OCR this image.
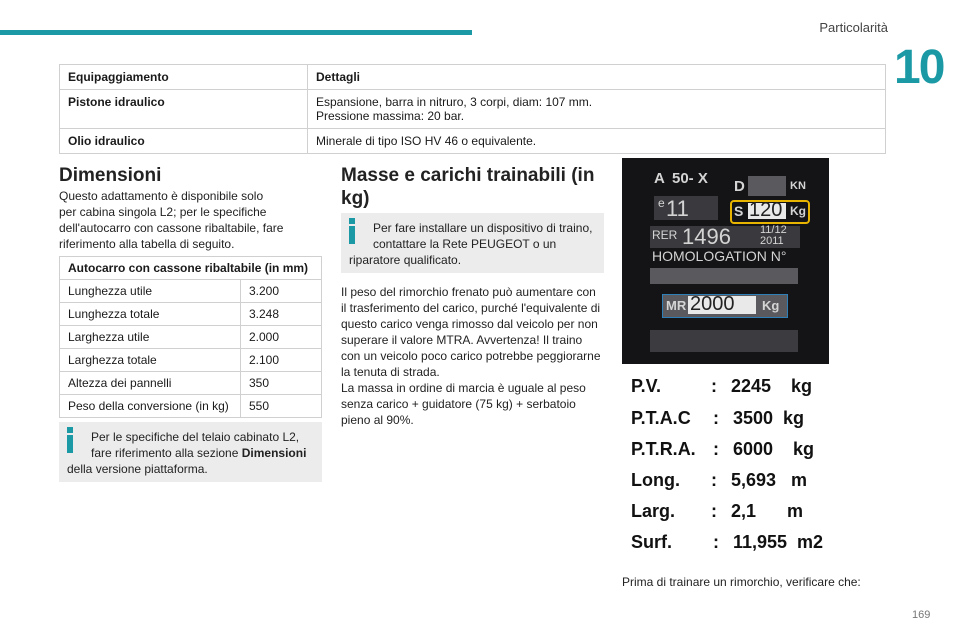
Particolarità
10
Equipaggiamento	Dettagli
Pistone idraulico	Espansione, barra in nitruro, 3 corpi, diam: 107 mm.
Pressione massima: 20 bar.

Olio idraulico	Minerale di tipo ISO HV 46 o equivalente.
Dimensioni
Questo adattamento è disponibile solo
per cabina singola L2; per le specifiche
dell'autocarro con cassone ribaltabile, fare
riferimento alla tabella di seguito.
Autocarro con cassone ribaltabile (in mm)	
Lunghezza utile	3.200
Lunghezza totale	3.248
Larghezza utile	2.000
Larghezza totale	2.100
Altezza dei pannelli	350
Peso della conversione (in kg)	550

Per le specifiche del telaio cabinato L2,

fare riferimento alla sezione Dimensioni

della versione piattaforma.

Masse e carichi trainabili (in
kg)

Per fare installare un dispositivo di traino,

contattare la Rete PEUGEOT o un

riparatore qualificato.

Il peso del rimorchio frenato può aumentare con
il trasferimento del carico, purché l'equivalente di
questo carico venga rimosso dal veicolo per non
superare il valore MTRA. Avvertenza! Il traino
con un veicolo poco carico potrebbe peggiorarne
la tenuta di strada.
La massa in ordine di marcia è uguale al peso
senza carico + guidatore (75 kg) + serbatoio
pieno al 90%.
A 50- X D	KN
e 11	S 120 Kg
RER 1496	11/12
2011
HOMOLOGATION N°
MR 2000 Kg
P.V.	: 2245 kg
P.T.A.C : 3500 kg
P.T.R.A. : 6000 kg
Long. : 5,693 m
Larg. : 2,1 m
Surf. : 11,955 m2
Prima di trainare un rimorchio, verificare che:
169
